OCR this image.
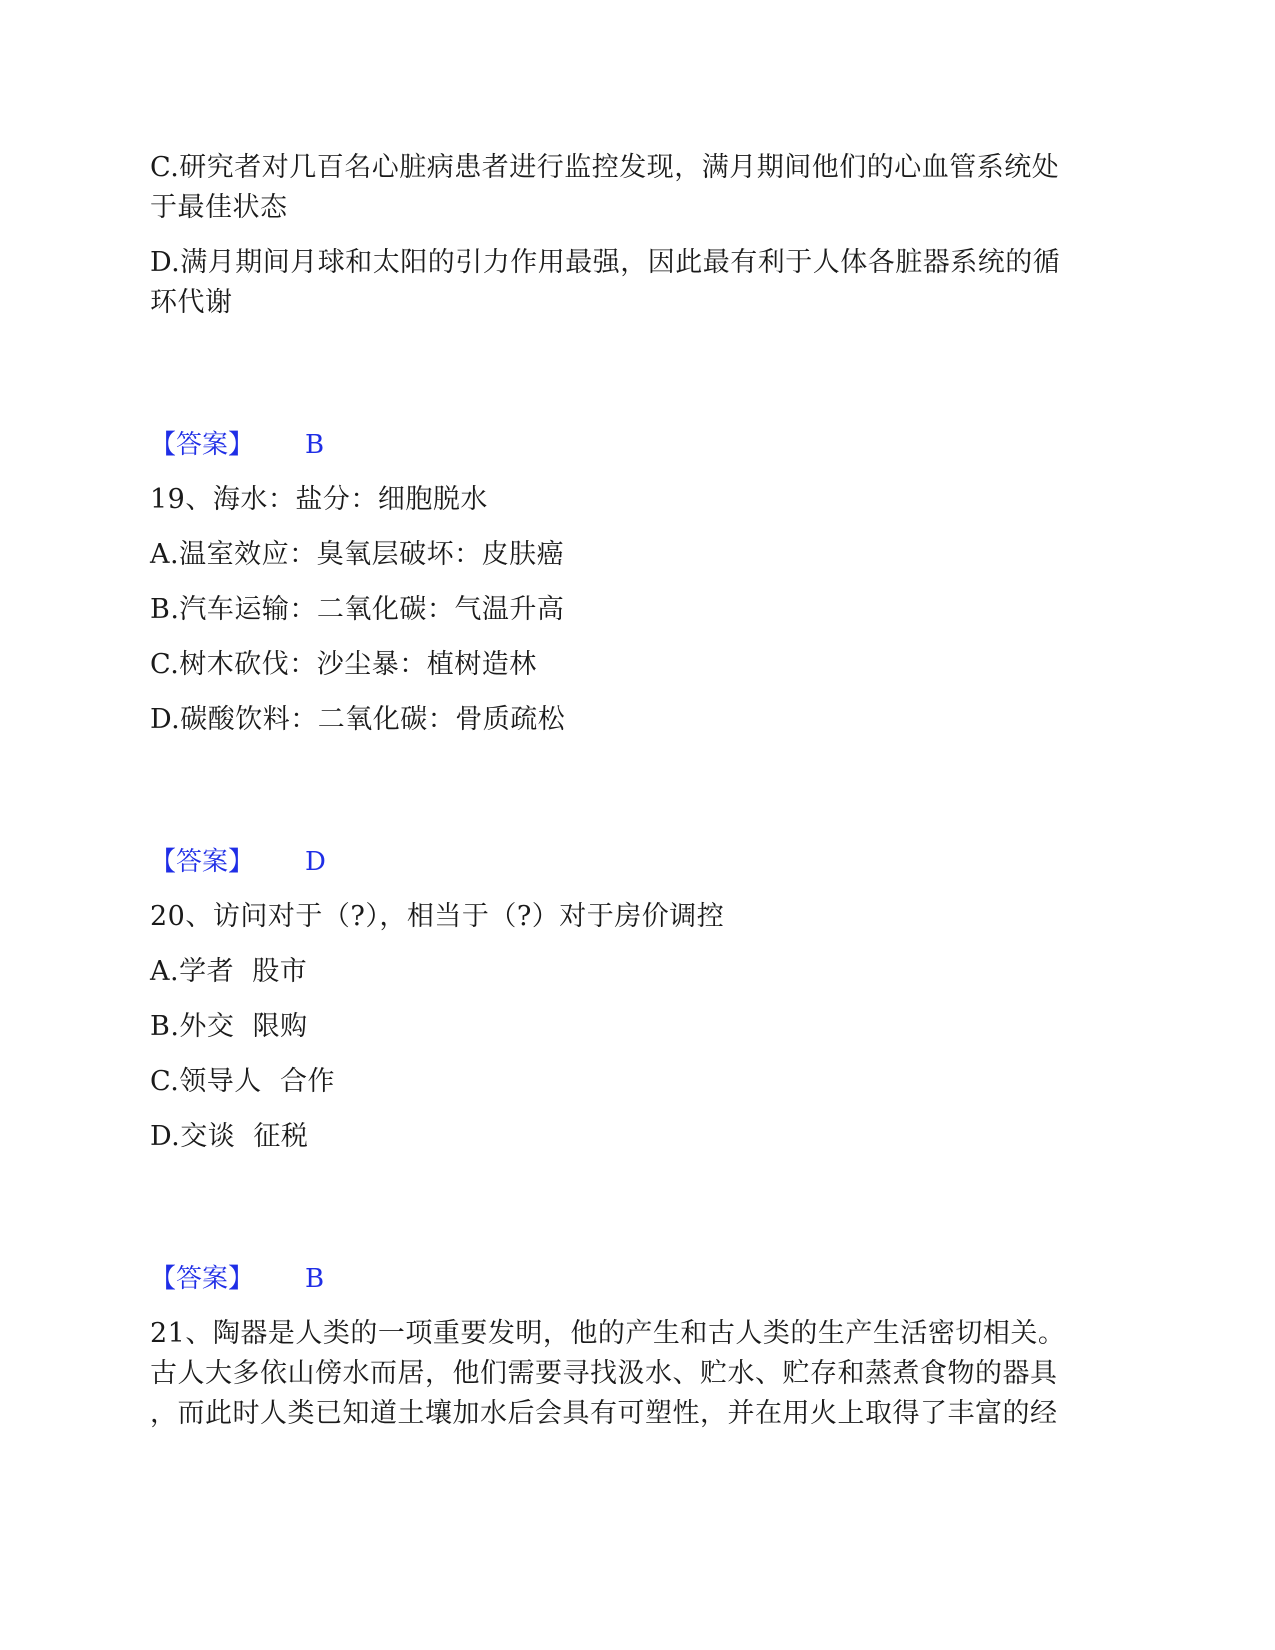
C.研究者对几百名心脏病患者进行监控发现，满月期间他们的心血管系统处
于最佳状态
D.满月期间月球和太阳的引力作用最强，因此最有利于人体各脏器系统的循
环代谢
【答案】 B
19、海水：盐分：细胞脱水
A.温室效应：臭氧层破坏：皮肤癌
B.汽车运输：二氧化碳：气温升高
C.树木砍伐：沙尘暴：植树造林
D.碳酸饮料：二氧化碳：骨质疏松
【答案】 D
20、访问对于（?），相当于（?）对于房价调控
A.学者  股市
B.外交  限购
C.领导人  合作
D.交谈  征税
【答案】 B
21、陶器是人类的一项重要发明，他的产生和古人类的生产生活密切相关。
古人大多依山傍水而居，他们需要寻找汲水、贮水、贮存和蒸煮食物的器具
，而此时人类已知道土壤加水后会具有可塑性，并在用火上取得了丰富的经
